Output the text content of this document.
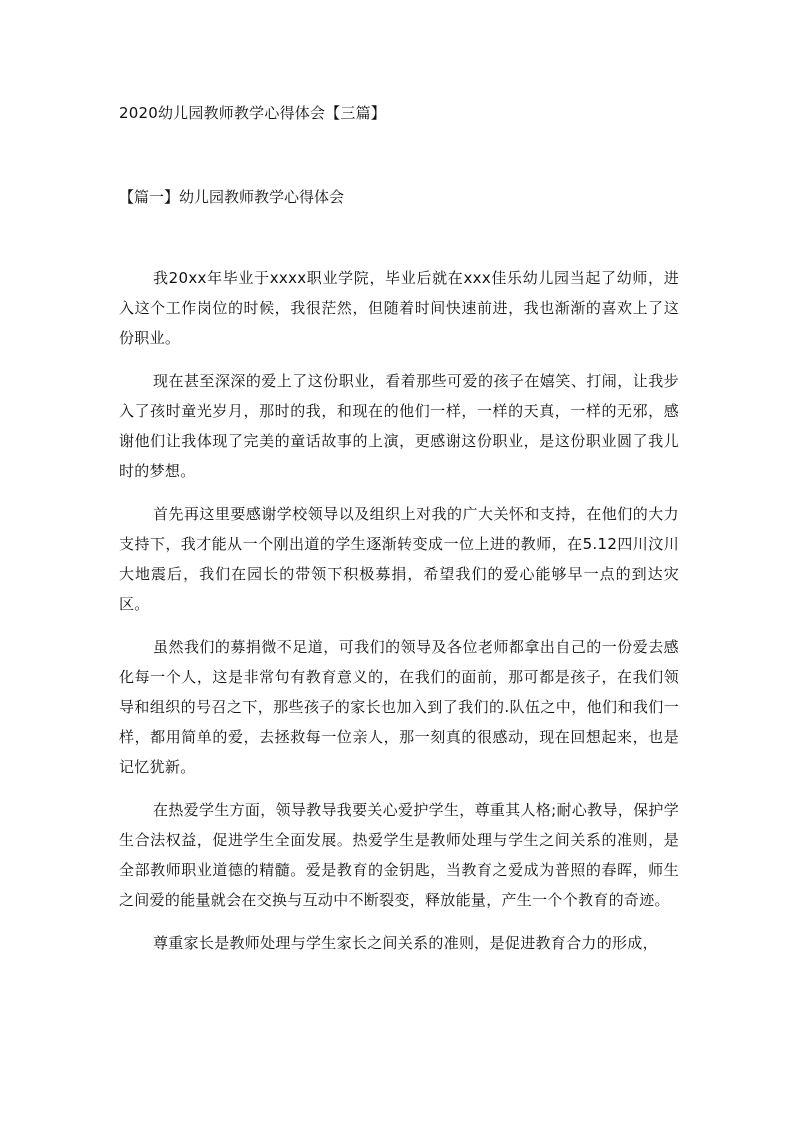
2020幼儿园教师教学心得体会【三篇】
【篇一】幼儿园教师教学心得体会

我20xx年毕业于xxxx职业学院，毕业后就在xxx佳乐幼儿园当起了幼师，进入这个工作岗位的时候，我很茫然，但随着时间快速前进，我也渐渐的喜欢上了这份职业。

现在甚至深深的爱上了这份职业，看着那些可爱的孩子在嬉笑、打闹，让我步入了孩时童光岁月，那时的我，和现在的他们一样，一样的天真，一样的无邪，感谢他们让我体现了完美的童话故事的上演，更感谢这份职业，是这份职业圆了我儿时的梦想。

首先再这里要感谢学校领导以及组织上对我的广大关怀和支持，在他们的大力支持下，我才能从一个刚出道的学生逐渐转变成一位上进的教师，在5.12四川汶川大地震后，我们在园长的带领下积极募捐，希望我们的爱心能够早一点的到达灾区。

虽然我们的募捐微不足道，可我们的领导及各位老师都拿出自己的一份爱去感化每一个人，这是非常句有教育意义的，在我们的面前，那可都是孩子，在我们领导和组织的号召之下，那些孩子的家长也加入到了我们的.队伍之中，他们和我们一样，都用简单的爱，去拯救每一位亲人，那一刻真的很感动，现在回想起来，也是记忆犹新。

在热爱学生方面，领导教导我要关心爱护学生，尊重其人格;耐心教导，保护学生合法权益，促进学生全面发展。热爱学生是教师处理与学生之间关系的准则，是全部教师职业道德的精髓。爱是教育的金钥匙，当教育之爱成为普照的春晖，师生之间爱的能量就会在交换与互动中不断裂变，释放能量，产生一个个教育的奇迹。

尊重家长是教师处理与学生家长之间关系的准则，是促进教育合力的形成，
